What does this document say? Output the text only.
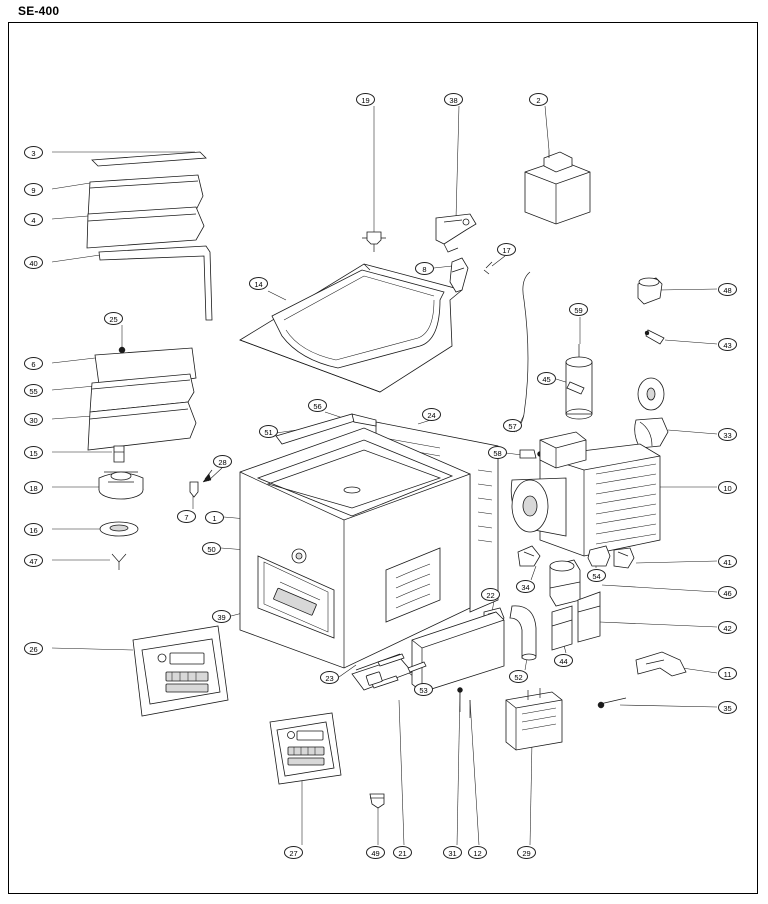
SE-400
3
9
4
40
25
6
55
30
15
18
16
47
26
7
28
1
50
39
14
51
56
23
53
27	49	21	31	12	29
19	38	2
8
17
24
57
58
45
59
48
43
33
10
41
46
42
11
35
34
54
22
52
44
